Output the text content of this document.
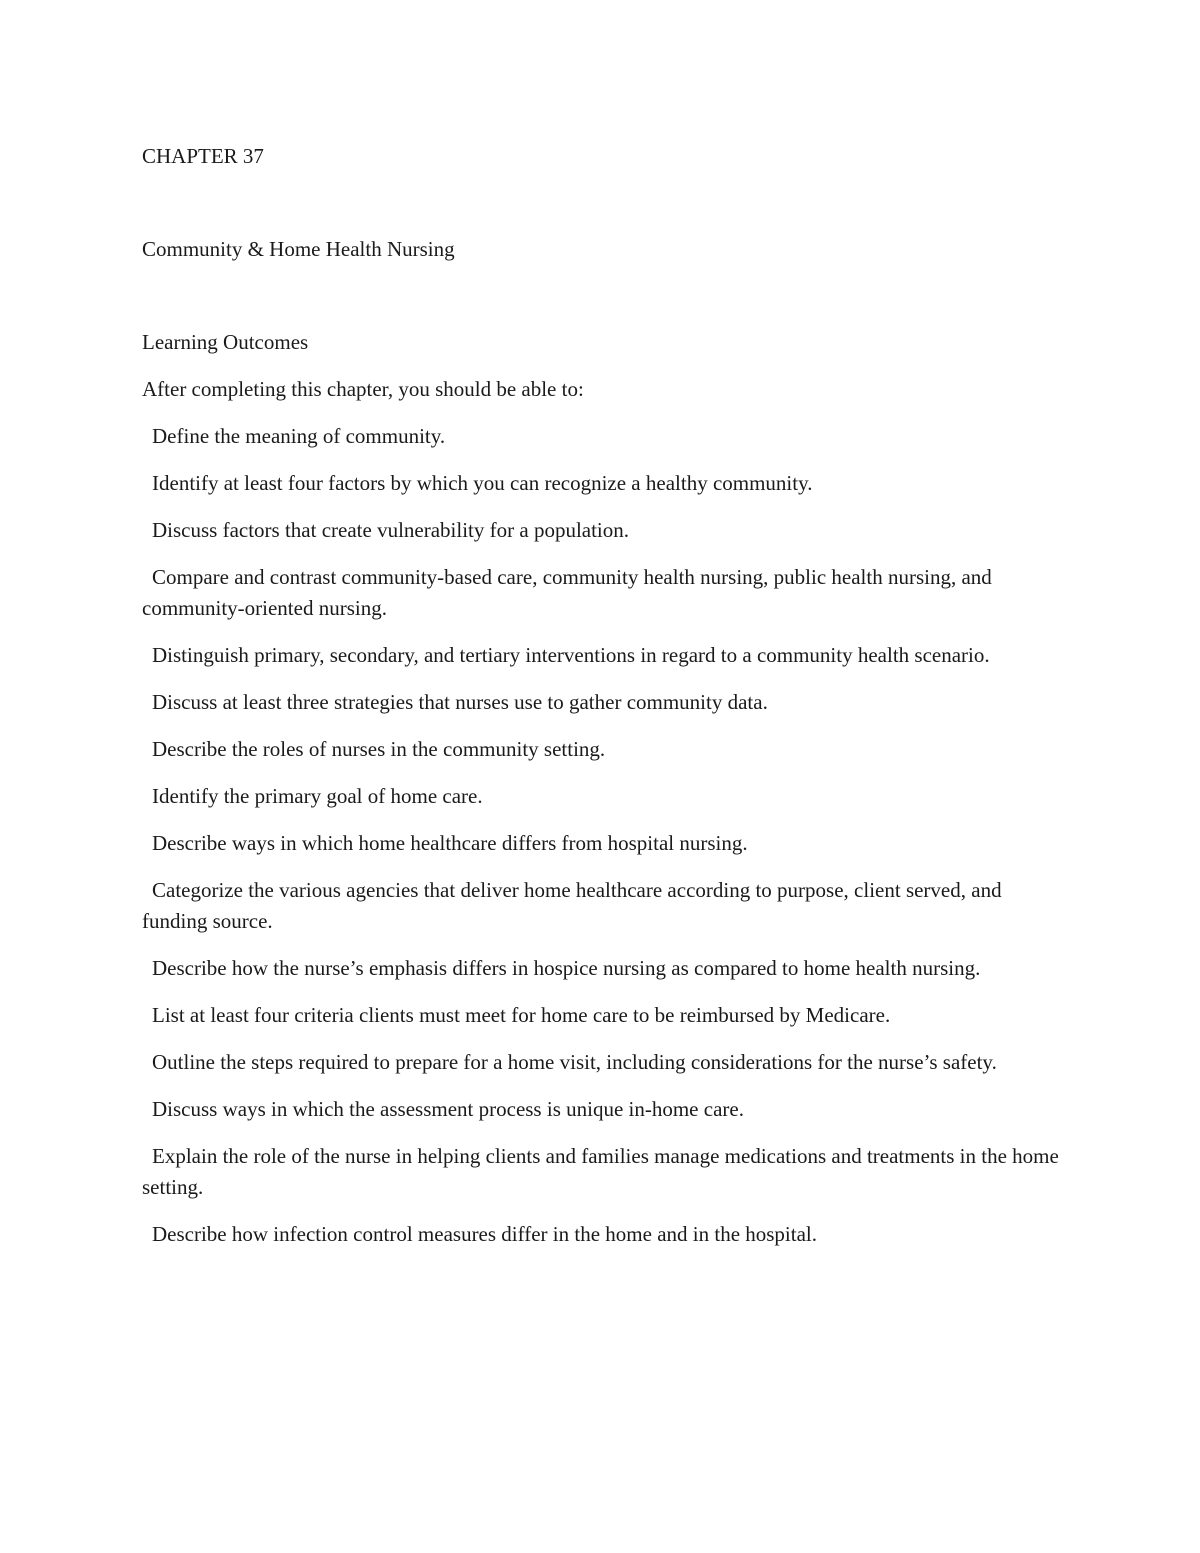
CHAPTER 37

Community & Home Health Nursing

Learning Outcomes

After completing this chapter, you should be able to:

Define the meaning of community.
Identify at least four factors by which you can recognize a healthy community.
Discuss factors that create vulnerability for a population.
Compare and contrast community-based care, community health nursing, public health nursing, and community-oriented nursing.
Distinguish primary, secondary, and tertiary interventions in regard to a community health scenario.
Discuss at least three strategies that nurses use to gather community data.
Describe the roles of nurses in the community setting.
Identify the primary goal of home care.
Describe ways in which home healthcare differs from hospital nursing.
Categorize the various agencies that deliver home healthcare according to purpose, client served, and funding source.
Describe how the nurse’s emphasis differs in hospice nursing as compared to home health nursing.
List at least four criteria clients must meet for home care to be reimbursed by Medicare.
Outline the steps required to prepare for a home visit, including considerations for the nurse’s safety.
Discuss ways in which the assessment process is unique in-home care.
Explain the role of the nurse in helping clients and families manage medications and treatments in the home setting.
Describe how infection control measures differ in the home and in the hospital.
